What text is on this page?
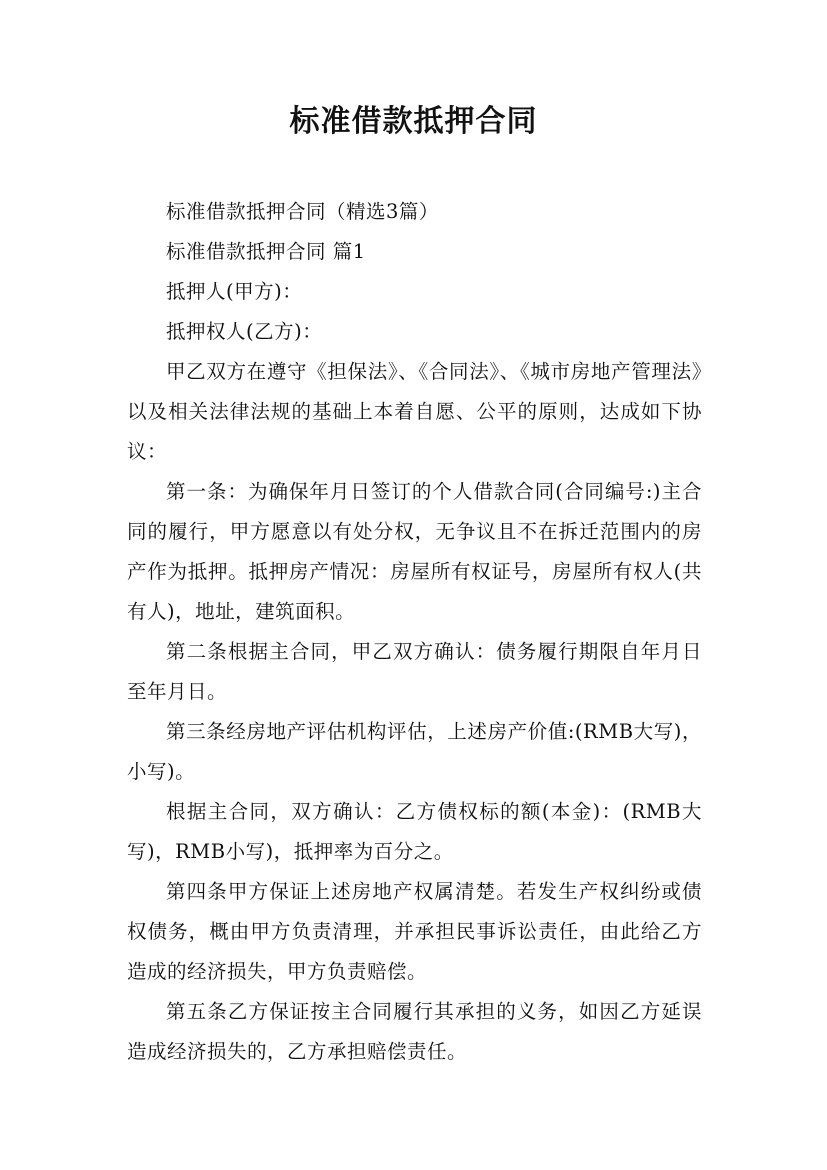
标准借款抵押合同

标准借款抵押合同（精选3篇）

标准借款抵押合同 篇1

抵押人(甲方)：

抵押权人(乙方)：

甲乙双方在遵守《担保法》、《合同法》、《城市房地产管理法》以及相关法律法规的基础上本着自愿、公平的原则，达成如下协议：

第一条：为确保年月日签订的个人借款合同(合同编号:)主合同的履行，甲方愿意以有处分权，无争议且不在拆迁范围内的房产作为抵押。抵押房产情况：房屋所有权证号，房屋所有权人(共有人)，地址，建筑面积。

第二条根据主合同，甲乙双方确认：债务履行期限自年月日至年月日。

第三条经房地产评估机构评估，上述房产价值:(RMB大写)，小写)。

根据主合同，双方确认：乙方债权标的额(本金)：(RMB大写)，RMB小写)，抵押率为百分之。

第四条甲方保证上述房地产权属清楚。若发生产权纠纷或债权债务，概由甲方负责清理，并承担民事诉讼责任，由此给乙方造成的经济损失，甲方负责赔偿。

第五条乙方保证按主合同履行其承担的义务，如因乙方延误造成经济损失的，乙方承担赔偿责任。
